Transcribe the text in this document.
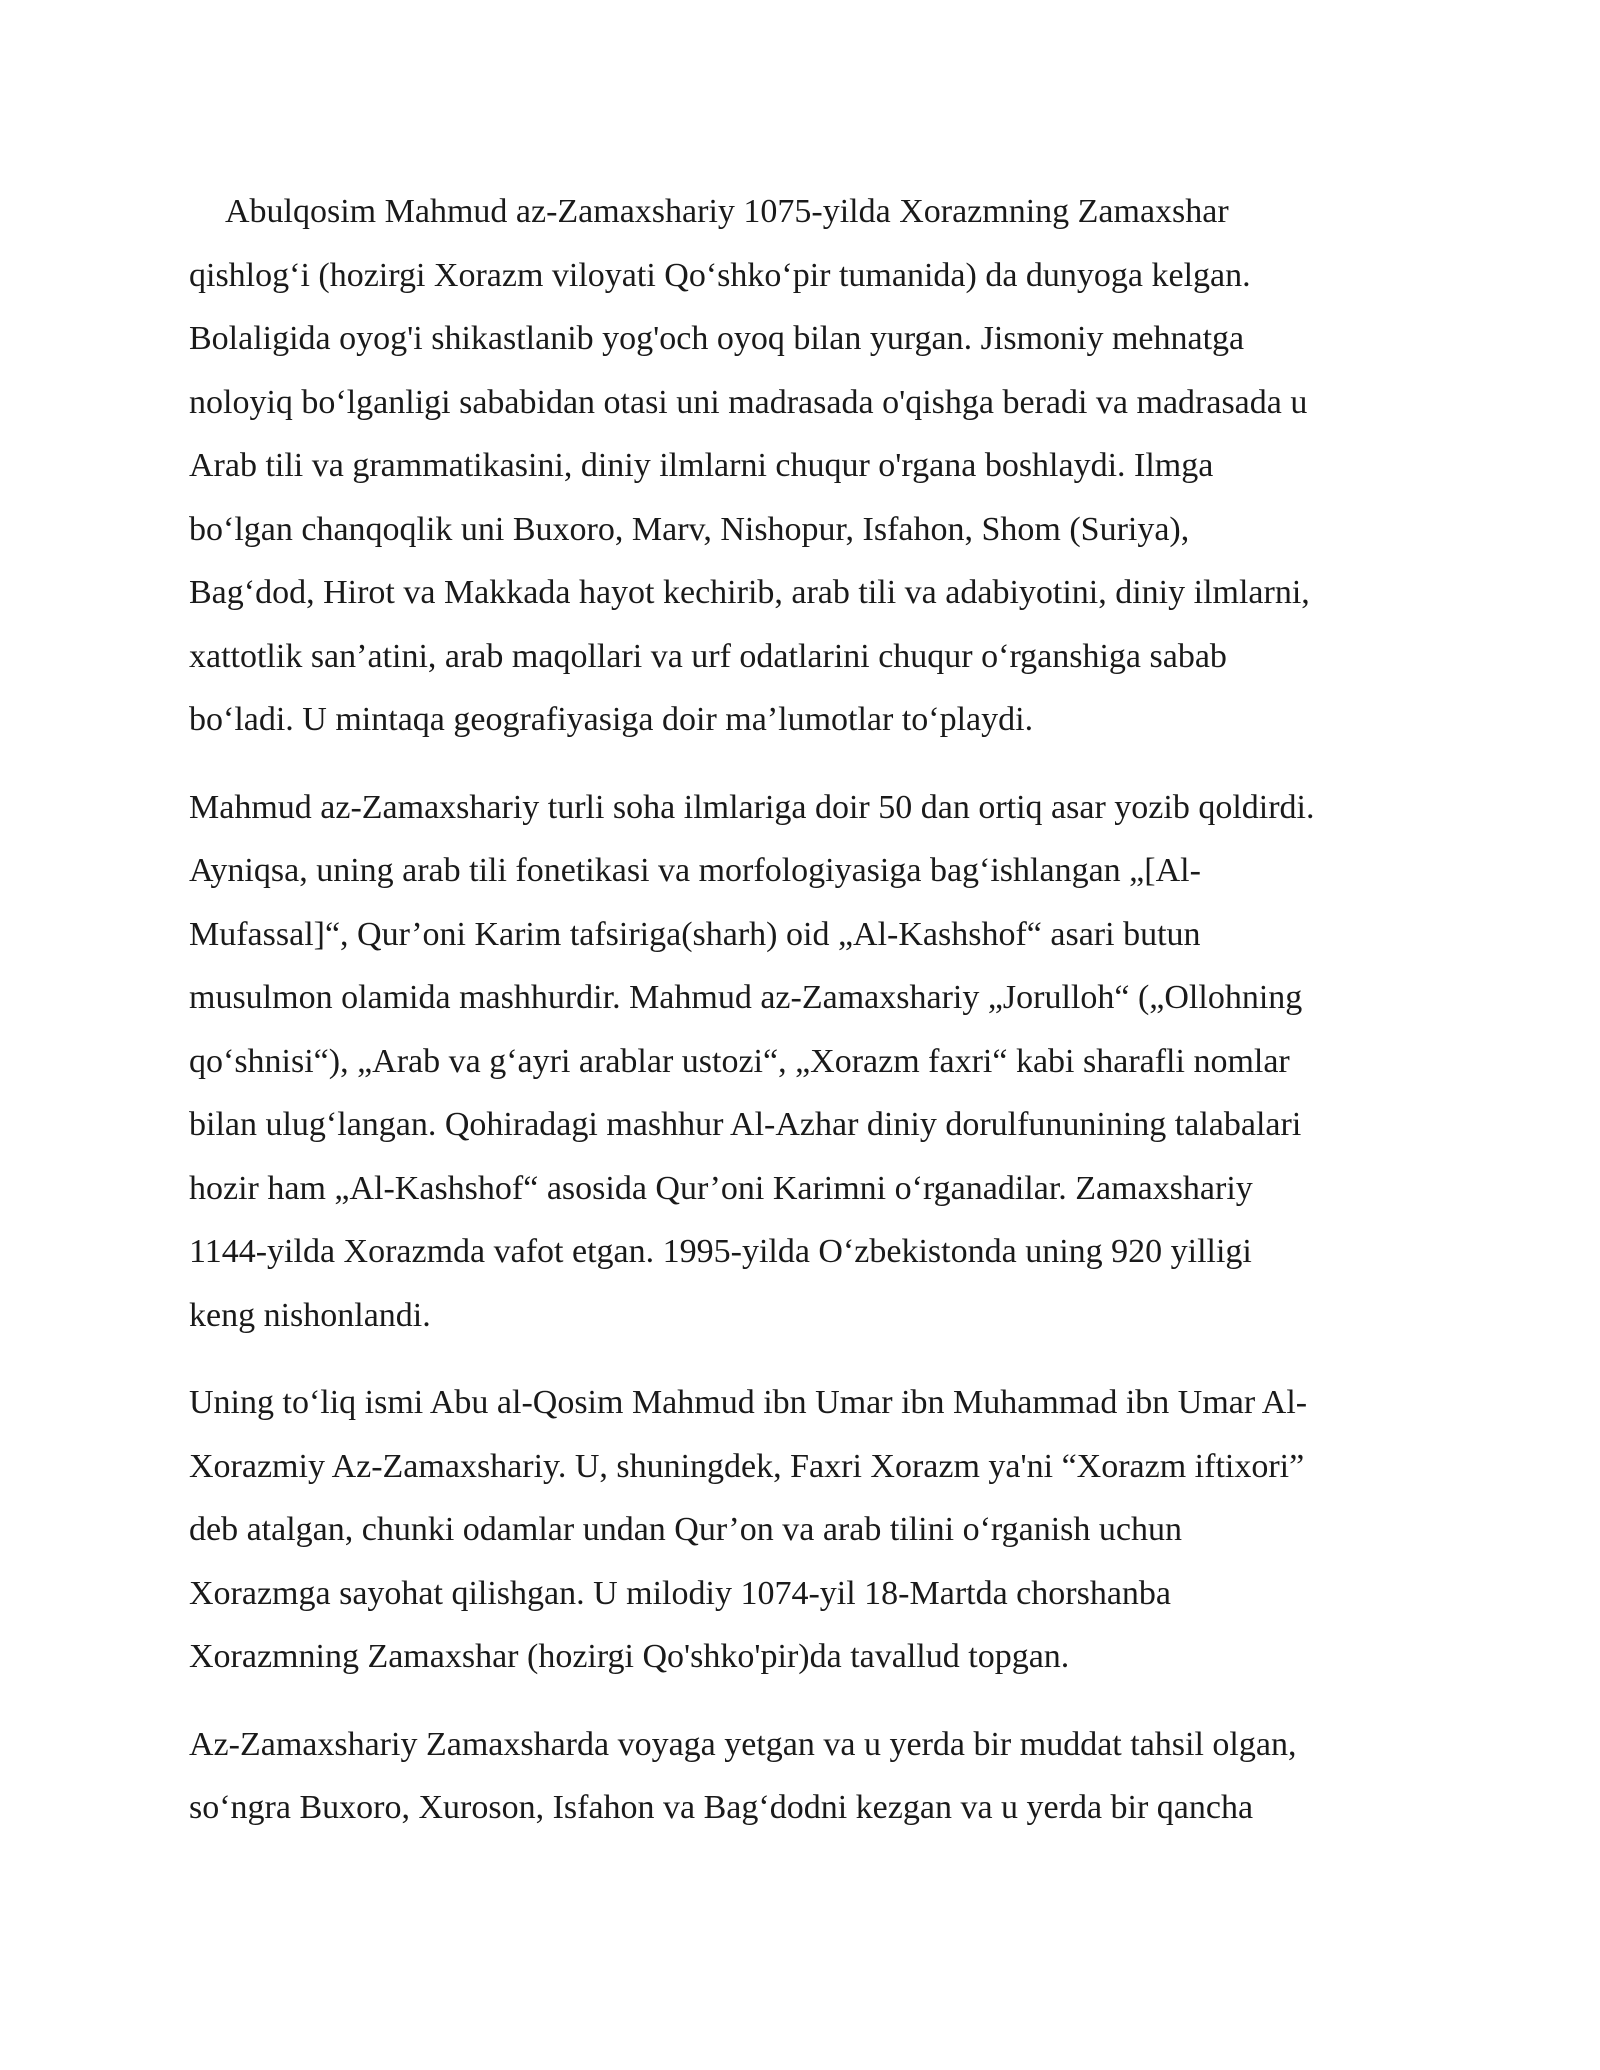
Abulqosim Mahmud az-Zamaxshariy 1075-yilda Xorazmning Zamaxshar
qishlog‘i (hozirgi Xorazm viloyati Qo‘shko‘pir tumanida) da dunyoga kelgan.
Bolaligida oyog'i shikastlanib yog'och oyoq bilan yurgan. Jismoniy mehnatga
noloyiq bo‘lganligi sababidan otasi uni madrasada o'qishga beradi va madrasada u
Arab tili va grammatikasini, diniy ilmlarni chuqur o'rgana boshlaydi. Ilmga
bo‘lgan chanqoqlik uni Buxoro, Marv, Nishopur, Isfahon, Shom (Suriya),
Bag‘dod, Hirot va Makkada hayot kechirib, arab tili va adabiyotini, diniy ilmlarni,
xattotlik san’atini, arab maqollari va urf odatlarini chuqur o‘rganshiga sabab
bo‘ladi. U mintaqa geografiyasiga doir ma’lumotlar to‘playdi.

Mahmud az-Zamaxshariy turli soha ilmlariga doir 50 dan ortiq asar yozib qoldirdi.
Ayniqsa, uning arab tili fonetikasi va morfologiyasiga bag‘ishlangan „[Al-
Mufassal]“, Qur’oni Karim tafsiriga(sharh) oid „Al-Kashshof“ asari butun
musulmon olamida mashhurdir. Mahmud az-Zamaxshariy „Jorulloh“ („Ollohning
qo‘shnisi“), „Arab va g‘ayri arablar ustozi“, „Xorazm faxri“ kabi sharafli nomlar
bilan ulug‘langan. Qohiradagi mashhur Al-Azhar diniy dorulfununining talabalari
hozir ham „Al-Kashshof“ asosida Qur’oni Karimni o‘rganadilar. Zamaxshariy
1144-yilda Xorazmda vafot etgan. 1995-yilda O‘zbekistonda uning 920 yilligi
keng nishonlandi.

Uning to‘liq ismi Abu al-Qosim Mahmud ibn Umar ibn Muhammad ibn Umar Al-
Xorazmiy Az-Zamaxshariy. U, shuningdek, Faxri Xorazm ya'ni “Xorazm iftixori”
deb atalgan, chunki odamlar undan Qur’on va arab tilini o‘rganish uchun
Xorazmga sayohat qilishgan. U milodiy 1074-yil 18-Martda chorshanba
Xorazmning Zamaxshar (hozirgi Qo'shko'pir)da tavallud topgan.

Az-Zamaxshariy Zamaxsharda voyaga yetgan va u yerda bir muddat tahsil olgan,
so‘ngra Buxoro, Xuroson, Isfahon va Bag‘dodni kezgan va u yerda bir qancha
